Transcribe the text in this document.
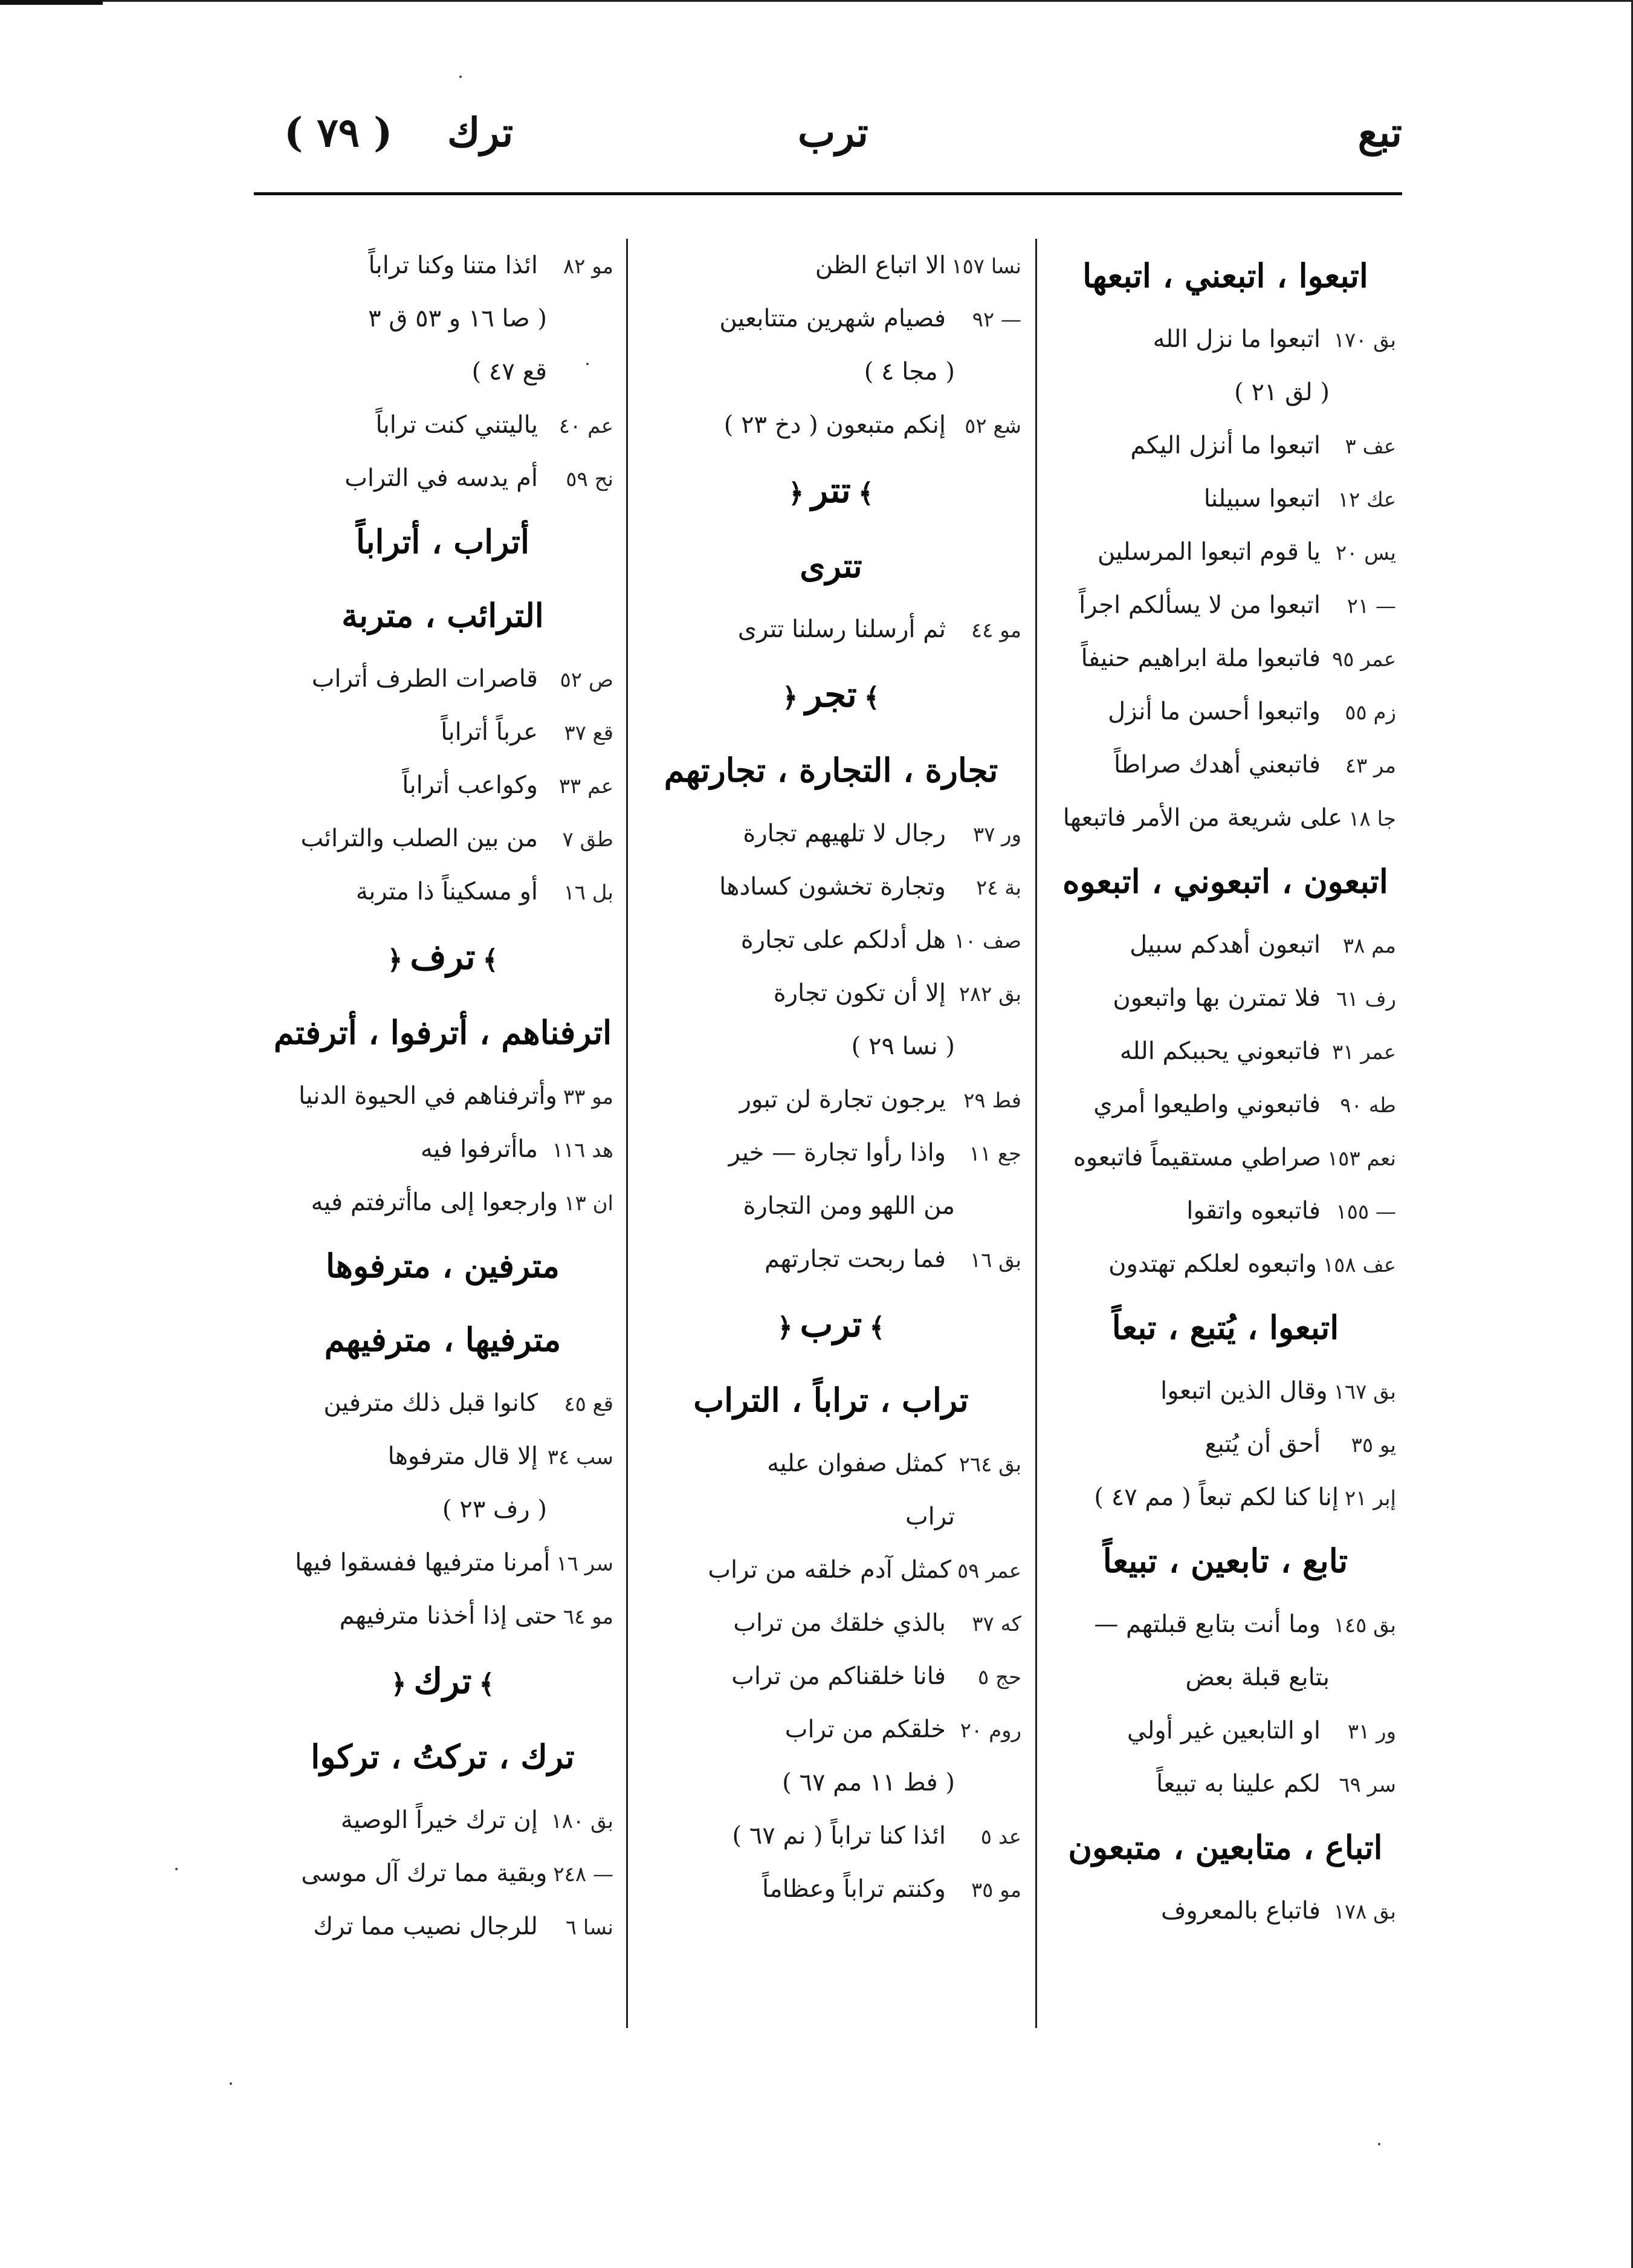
تبع
ترب
ترك
( ٧٩ )
اتبعوا ، اتبعني ، اتبعها
بق ١٧٠اتبعوا ما نزل الله
( لق ٢١ )
عف ٣اتبعوا ما أنزل اليكم
عك ١٢اتبعوا سبيلنا
يس ٢٠يا قوم اتبعوا المرسلين
— ٢١اتبعوا من لا يسألكم اجراً
عمر ٩٥فاتبعوا ملة ابراهيم حنيفاً
زم ٥٥واتبعوا أحسن ما أنزل
مر ٤٣فاتبعني أهدك صراطاً
جا ١٨على شريعة من الأمر فاتبعها
اتبعون ، اتبعوني ، اتبعوه
مم ٣٨اتبعون أهدكم سبيل
رف ٦١فلا تمترن بها واتبعون
عمر ٣١فاتبعوني يحببكم الله
طه ٩٠فاتبعوني واطيعوا أمري
نعم ١٥٣صراطي مستقيماً فاتبعوه
— ١٥٥فاتبعوه واتقوا
عف ١٥٨واتبعوه لعلكم تهتدون
اتبعوا ، يُتبع ، تبعاً
بق ١٦٧وقال الذين اتبعوا
يو ٣٥أحق أن يُتبع
إبر ٢١إنا كنا لكم تبعاً ( مم ٤٧ )
تابع ، تابعين ، تبيعاً
بق ١٤٥وما أنت بتابع قبلتهم —
بتابع قبلة بعض
ور ٣١او التابعين غير أولي
سر ٦٩لكم علينا به تبيعاً
اتباع ، متابعين ، متبعون
بق ١٧٨فاتباع بالمعروف
نسا ١٥٧الا اتباع الظن
— ٩٢فصيام شهرين متتابعين
( مجا ٤ )
شع ٥٢إنكم متبعون ( دخ ٢٣ )
﴾تتر﴿
تترى
مو ٤٤ثم أرسلنا رسلنا تترى
﴾تجر﴿
تجارة ، التجارة ، تجارتهم
ور ٣٧رجال لا تلهيهم تجارة
بة ٢٤وتجارة تخشون كسادها
صف ١٠هل أدلكم على تجارة
بق ٢٨٢إلا أن تكون تجارة
( نسا ٢٩ )
فط ٢٩يرجون تجارة لن تبور
جع ١١واذا رأوا تجارة — خير
من اللهو ومن التجارة
بق ١٦فما ربحت تجارتهم
﴾ترب﴿
تراب ، تراباً ، التراب
بق ٢٦٤كمثل صفوان عليه
تراب
عمر ٥٩كمثل آدم خلقه من تراب
كه ٣٧بالذي خلقك من تراب
حج ٥فانا خلقناكم من تراب
روم ٢٠خلقكم من تراب
( فط ١١ مم ٦٧ )
عد ٥ائذا كنا تراباً ( نم ٦٧ )
مو ٣٥وكنتم تراباً وعظاماً
مو ٨٢ائذا متنا وكنا تراباً
( صا ١٦ و ٥٣ ق ٣
قع ٤٧ )
عم ٤٠ياليتني كنت تراباً
نح ٥٩أم يدسه في التراب
أتراب ، أتراباً
الترائب ، متربة
ص ٥٢قاصرات الطرف أتراب
قع ٣٧عرباً أتراباً
عم ٣٣وكواعب أتراباً
طق ٧من بين الصلب والترائب
بل ١٦أو مسكيناً ذا متربة
﴾ترف﴿
اترفناهم ، أترفوا ، أترفتم
مو ٣٣وأترفناهم في الحيوة الدنيا
هد ١١٦ماأترفوا فيه
ان ١٣وارجعوا إلى ماأترفتم فيه
مترفين ، مترفوها
مترفيها ، مترفيهم
قع ٤٥كانوا قبل ذلك مترفين
سب ٣٤إلا قال مترفوها
( رف ٢٣ )
سر ١٦أمرنا مترفيها ففسقوا فيها
مو ٦٤حتى إذا أخذنا مترفيهم
﴾ترك﴿
ترك ، تركتُ ، تركوا
بق ١٨٠إن ترك خيراً الوصية
— ٢٤٨وبقية مما ترك آل موسى
نسا ٦للرجال نصيب مما ترك
